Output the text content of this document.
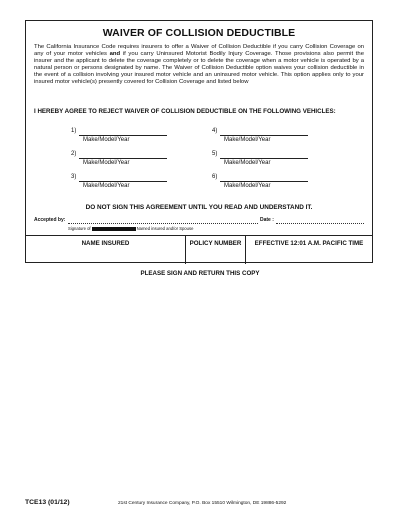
WAIVER OF COLLISION DEDUCTIBLE

The California Insurance Code requires insurers to offer a Waiver of Collision Deductible if you carry Collision Coverage on any of your motor vehicles and if you carry Uninsured Motorist Bodily Injury Coverage. Those provisions also permit the insurer and the applicant to delete the coverage completely or to delete the coverage when a motor vehicle is operated by a natural person or persons designated by name. The Waiver of Collision Deductible option waives your collision deductible in the event of a collision involving your insured motor vehicle and an uninsured motor vehicle. This option applies only to your insured motor vehicle(s) presently covered for Collision Coverage and listed below

I HEREBY AGREE TO REJECT WAIVER OF COLLISION DEDUCTIBLE ON THE FOLLOWING VEHICLES:
1)
Make/Model/Year
2)
Make/Model/Year
3)
Make/Model/Year
4)
Make/Model/Year
5)
Make/Model/Year
6)
Make/Model/Year
DO NOT SIGN THIS AGREEMENT UNTIL YOU READ AND UNDERSTAND IT.
Accepted by:	Date :
Signature of	Named insured and/or Spouse
NAME INSURED	POLICY NUMBER	EFFECTIVE 12:01 A.M. PACIFIC TIME
PLEASE SIGN AND RETURN THIS COPY
TCE13 (01/12)	21st Century Insurance Company, P.O. Box 15510 Wilmington, DE 19886-5292
